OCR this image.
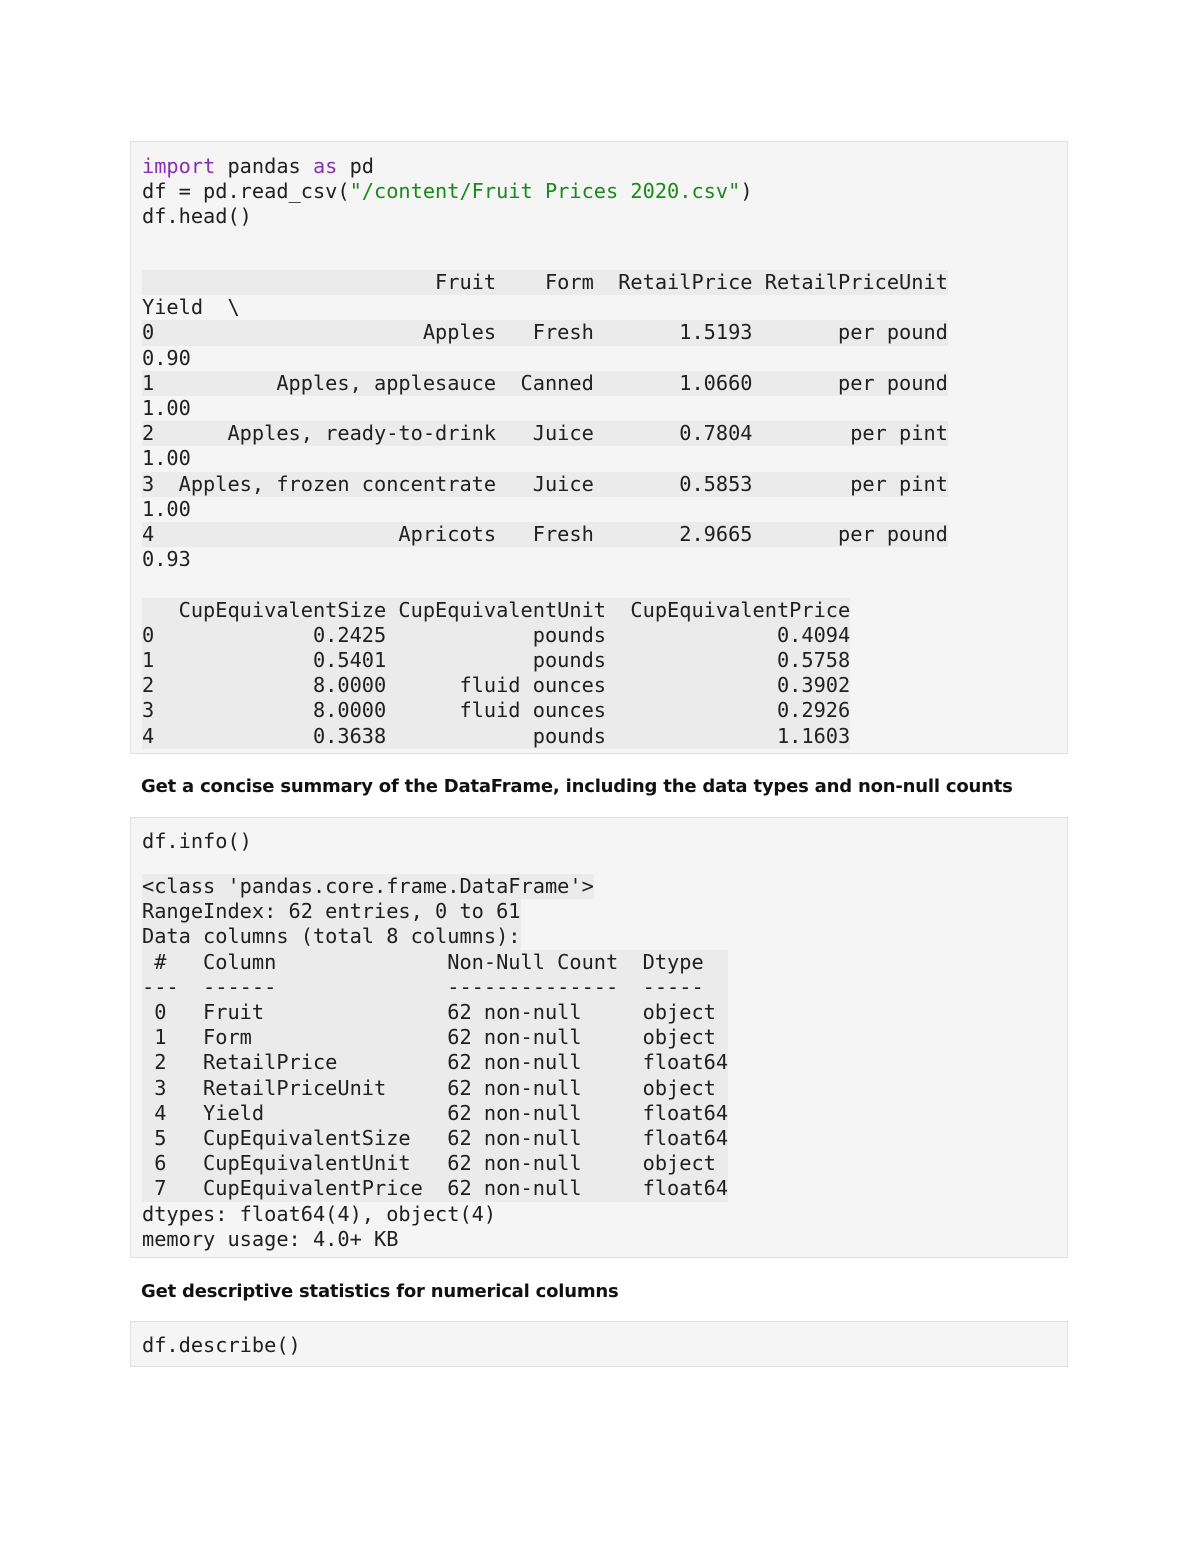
import pandas as pd
df = pd.read_csv("/content/Fruit Prices 2020.csv")
df.head()
Fruit    Form  RetailPrice RetailPriceUnit
Yield  \
0                      Apples   Fresh       1.5193       per pound
0.90
1          Apples, applesauce  Canned       1.0660       per pound
1.00
2      Apples, ready-to-drink   Juice       0.7804        per pint
1.00
3  Apples, frozen concentrate   Juice       0.5853        per pint
1.00
4                    Apricots   Fresh       2.9665       per pound
0.93
CupEquivalentSize CupEquivalentUnit  CupEquivalentPrice
0             0.2425            pounds              0.4094
1             0.5401            pounds              0.5758
2             8.0000      fluid ounces              0.3902
3             8.0000      fluid ounces              0.2926
4             0.3638            pounds              1.1603

Get a concise summary of the DataFrame, including the data types and non-null counts

df.info()
<class 'pandas.core.frame.DataFrame'>
RangeIndex: 62 entries, 0 to 61
Data columns (total 8 columns):
#   Column              Non-Null Count  Dtype
---  ------              --------------  -----
0   Fruit               62 non-null     object
1   Form                62 non-null     object
2   RetailPrice         62 non-null     float64
3   RetailPriceUnit     62 non-null     object
4   Yield               62 non-null     float64
5   CupEquivalentSize   62 non-null     float64
6   CupEquivalentUnit   62 non-null     object
7   CupEquivalentPrice  62 non-null     float64
dtypes: float64(4), object(4)
memory usage: 4.0+ KB

Get descriptive statistics for numerical columns

df.describe()
